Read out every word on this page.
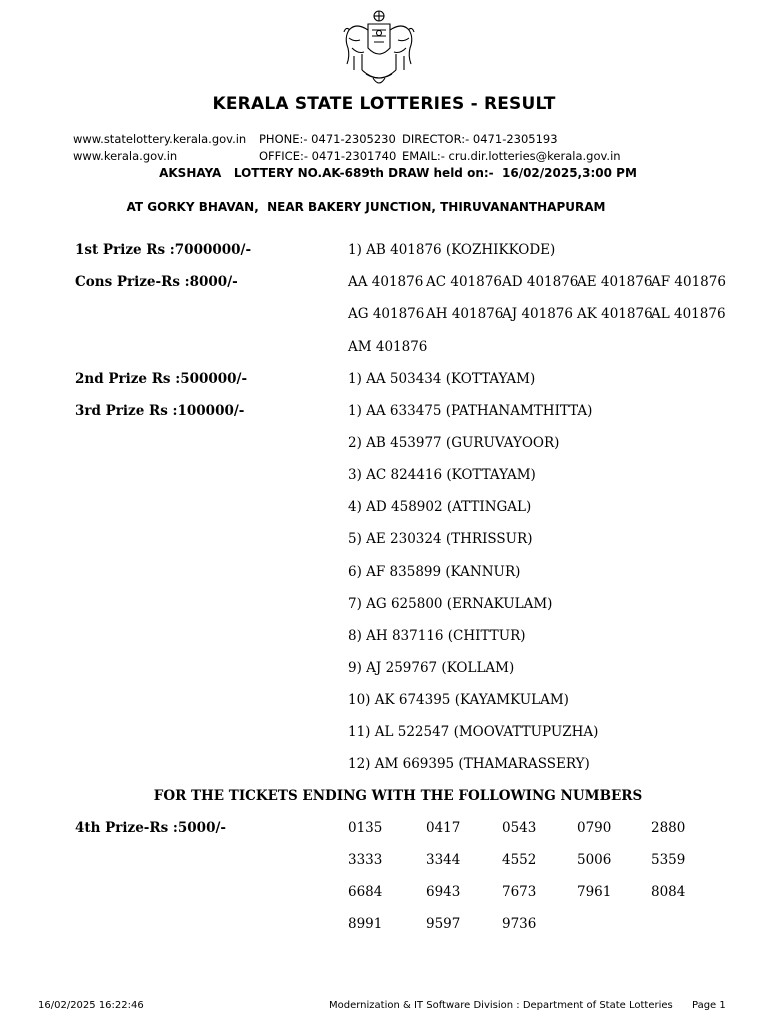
KERALA STATE LOTTERIES - RESULT
www.statelottery.kerala.gov.in
www.kerala.gov.in
PHONE:- 0471-2305230
OFFICE:- 0471-2301740
DIRECTOR:- 0471-2305193
EMAIL:- cru.dir.lotteries@kerala.gov.in
AKSHAYA   LOTTERY NO.AK-689th DRAW held on:-  16/02/2025,3:00 PM
AT GORKY BHAVAN,  NEAR BAKERY JUNCTION, THIRUVANANTHAPURAM
1st Prize Rs :7000000/-	1) AB 401876 (KOZHIKKODE)
Cons Prize-Rs :8000/-	AA 401876 AC 401876 AD 401876
AE 401876
AF 401876
AG 401876 AH 401876
AJ 401876 AK 401876
AL 401876
AM 401876
2nd Prize Rs :500000/-	1) AA 503434 (KOTTAYAM)
3rd Prize Rs :100000/-	1) AA 633475 (PATHANAMTHITTA)
2) AB 453977 (GURUVAYOOR)
3) AC 824416 (KOTTAYAM)
4) AD 458902 (ATTINGAL)
5) AE 230324 (THRISSUR)
6) AF 835899 (KANNUR)
7) AG 625800 (ERNAKULAM)
8) AH 837116 (CHITTUR)
9) AJ 259767 (KOLLAM)
10) AK 674395 (KAYAMKULAM)
11) AL 522547 (MOOVATTUPUZHA)
12) AM 669395 (THAMARASSERY)
FOR THE TICKETS ENDING WITH THE FOLLOWING NUMBERS
4th Prize-Rs :5000/-	0135	0417	0543	0790	2880
3333	3344	4552	5006	5359
6684	6943	7673	7961	8084
8991	9597	9736
16/02/2025 16:22:46	Modernization & IT Software Division : Department of State Lotteries Page 1
